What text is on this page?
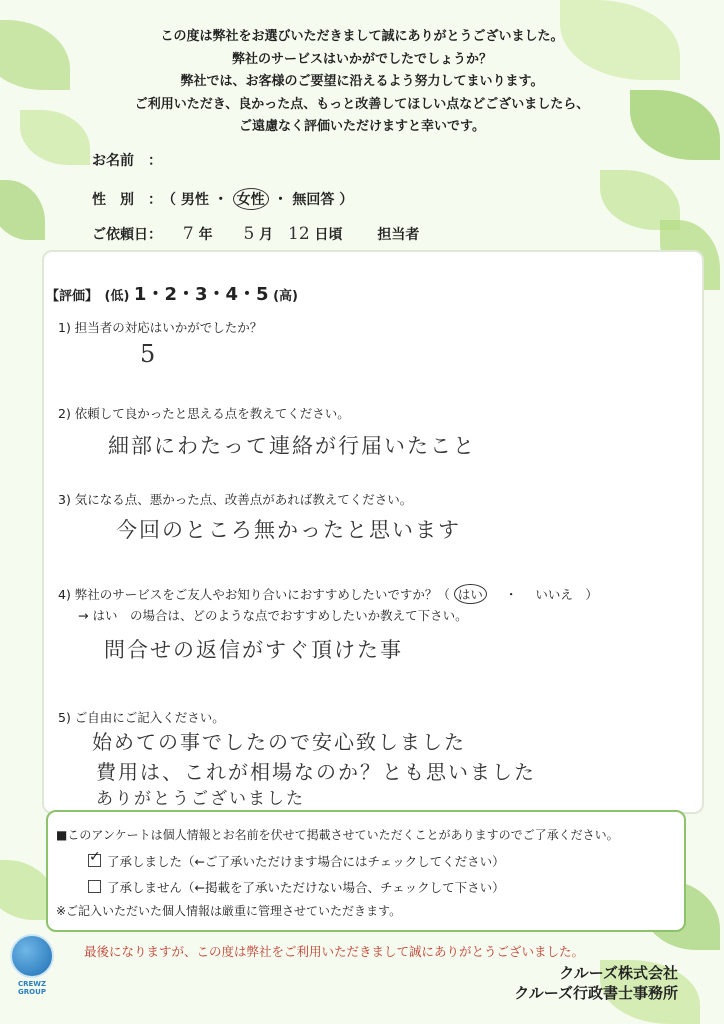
この度は弊社をお選びいただきまして誠にありがとうございました。
弊社のサービスはいかがでしたでしょうか？
弊社では、お客様のご要望に沿えるよう努力してまいります。
ご利用いただき、良かった点、もっと改善してほしい点などございましたら、
ご遠慮なく評価いただけますと幸いです。
お名前　：
性　別　：　（ 男性 ・ 女性 ・ 無回答 ）
ご依頼日： 7 年 5 月 12 日頃 担当者
【評価】　(低) 1・2・3・4・5 (高)
1) 担当者の対応はいかがでしたか？
5
2) 依頼して良かったと思える点を教えてください。
細部にわたって連絡が行届いたこと
3) 気になる点、悪かった点、改善点があれば教えてください。
今回のところ無かったと思います
4) 弊社のサービスをご友人やお知り合いにおすすめしたいですか？（ はい ・ いいえ　）
→ はい　の場合は、どのような点でおすすめしたいか教えて下さい。
問合せの返信がすぐ頂けた事
5) ご自由にご記入ください。
始めての事でしたので安心致しました
費用は、これが相場なのか？とも思いました
ありがとうございました
■このアンケートは個人情報とお名前を伏せて掲載させていただくことがありますのでご了承ください。
✓了承しました（←ご了承いただけます場合にはチェックしてください）
了承しません（←掲載を了承いただけない場合、チェックして下さい）
※ご記入いただいた個人情報は厳重に管理させていただきます。
CREWZ GROUP
最後になりますが、この度は弊社をご利用いただきまして誠にありがとうございました。
クルーズ株式会社
クルーズ行政書士事務所
